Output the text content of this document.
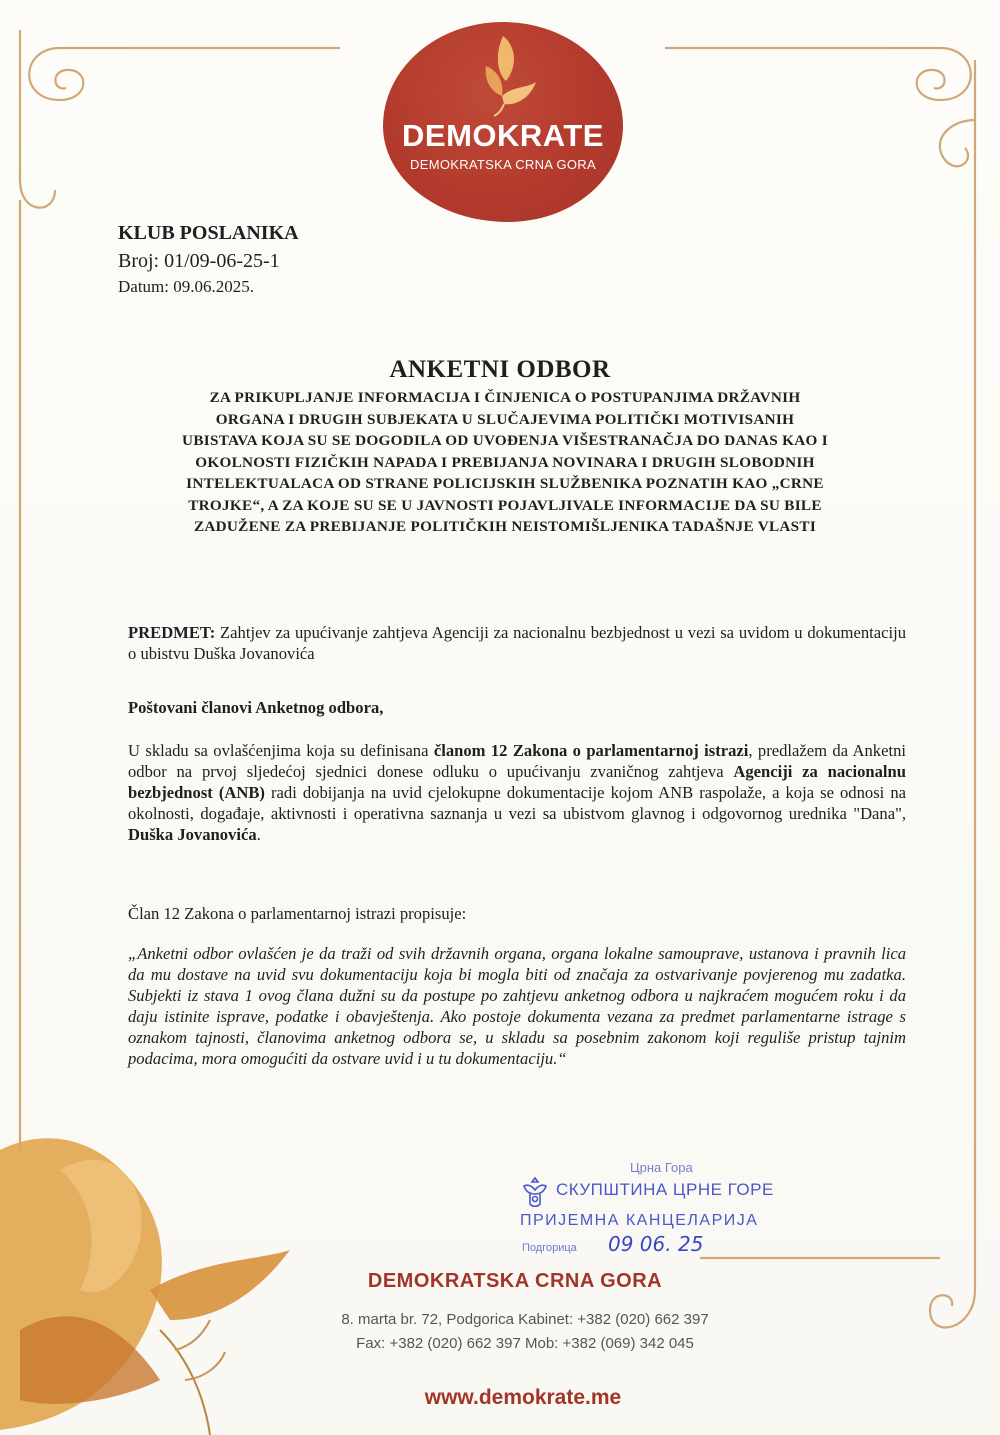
DEMOKRATE
DEMOKRATSKA CRNA GORA
KLUB POSLANIKA
Broj: 01/09-06-25-1
Datum: 09.06.2025.
ANKETNI ODBOR
ZA PRIKUPLJANJE INFORMACIJA I ČINJENICA O POSTUPANJIMA DRŽAVNIH
ORGANA I DRUGIH SUBJEKATA U SLUČAJEVIMA POLITIČKI MOTIVISANIH
UBISTAVA KOJA SU SE DOGODILA OD UVOĐENJA VIŠESTRANAČJA DO DANAS KAO I
OKOLNOSTI FIZIČKIH NAPADA I PREBIJANJA NOVINARA I DRUGIH SLOBODNIH
INTELEKTUALACA OD STRANE POLICIJSKIH SLUŽBENIKA POZNATIH KAO „CRNE
TROJKE“, A ZA KOJE SU SE U JAVNOSTI POJAVLJIVALE INFORMACIJE DA SU BILE
ZADUŽENE ZA PREBIJANJE POLITIČKIH NEISTOMIŠLJENIKA TADAŠNJE VLASTI
PREDMET: Zahtjev za upućivanje zahtjeva Agenciji za nacionalnu bezbjednost u vezi sa uvidom u dokumentaciju o ubistvu Duška Jovanovića
Poštovani članovi Anketnog odbora,
U skladu sa ovlašćenjima koja su definisana članom 12 Zakona o parlamentarnoj istrazi, predlažem da Anketni odbor na prvoj sljedećoj sjednici donese odluku o upućivanju zvaničnog zahtjeva Agenciji za nacionalnu bezbjednost (ANB) radi dobijanja na uvid cjelokupne dokumentacije kojom ANB raspolaže, a koja se odnosi na okolnosti, događaje, aktivnosti i operativna saznanja u vezi sa ubistvom glavnog i odgovornog urednika "Dana", Duška Jovanovića.
Član 12 Zakona o parlamentarnoj istrazi propisuje:
„Anketni odbor ovlašćen je da traži od svih državnih organa, organa lokalne samouprave, ustanova i pravnih lica da mu dostave na uvid svu dokumentaciju koja bi mogla biti od značaja za ostvarivanje povjerenog mu zadatka. Subjekti iz stava 1 ovog člana dužni su da postupe po zahtjevu anketnog odbora u najkraćem mogućem roku i da daju istinite isprave, podatke i obavještenja. Ako postoje dokumenta vezana za predmet parlamentarne istrage s oznakom tajnosti, članovima anketnog odbora se, u skladu sa posebnim zakonom koji reguliše pristup tajnim podacima, mora omogućiti da ostvare uvid i u tu dokumentaciju.“
Црна Гора
СКУПШТИНА ЦРНЕ ГОРЕ
ПРИЈЕМНА КАНЦЕЛАРИЈА
Подгорица 09 06. 25
DEMOKRATSKA CRNA GORA
8. marta br. 72, Podgorica Kabinet: +382 (020) 662 397
Fax: +382 (020) 662 397 Mob: +382 (069) 342 045
www.demokrate.me
